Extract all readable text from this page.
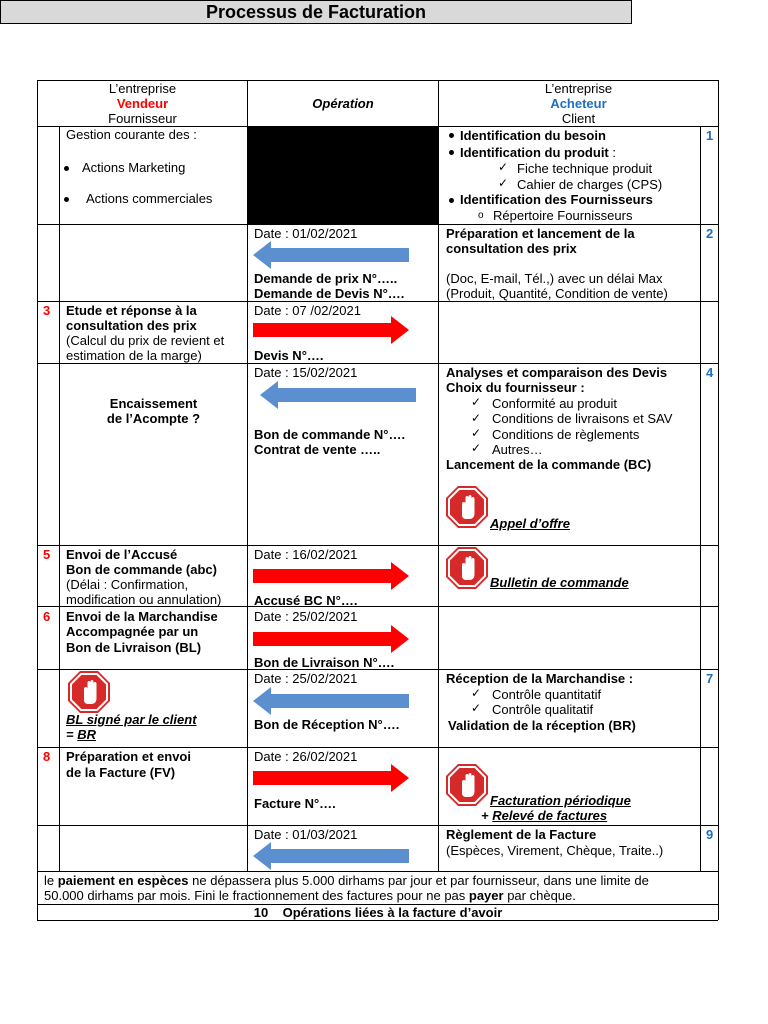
Processus de Facturation
L’entreprise
Vendeur
Fournisseur
Opération
L’entreprise
Acheteur
Client
Gestion courante des :
Actions Marketing
Actions commerciales
Identification du besoin
Identification du produit :
✓ Fiche technique produit
✓ Cahier de charges (CPS)
Identification des Fournisseurs
o Répertoire Fournisseurs
1
Date : 01/02/2021
Demande de prix N°…..
Demande de Devis N°….
Préparation et lancement de la
consultation des prix
(Doc, E-mail, Tél.,) avec un délai Max
(Produit, Quantité, Condition de vente)
2
3 Etude et réponse à la
consultation des prix
(Calcul du prix de revient et
estimation de la marge)
Date : 07 /02/2021
Devis N°….
Encaissement
de l’Acompte ?
Date : 15/02/2021
Bon de commande N°….
Contrat de vente …..
Analyses et comparaison des Devis
Choix du fournisseur :
✓ Conformité au produit
✓ Conditions de livraisons et SAV
✓ Conditions de règlements
✓ Autres…
Lancement de la commande (BC)
Appel d’offre
4
5 Envoi de l’Accusé
Bon de commande (abc)
(Délai : Confirmation,
modification ou annulation)
Date : 16/02/2021
Accusé BC N°….
Bulletin de commande
6 Envoi de la Marchandise
Accompagnée par un
Bon de Livraison (BL)
Date : 25/02/2021
Bon de Livraison N°….
BL signé par le client
= BR
Date : 25/02/2021
Bon de Réception N°….
Réception de la Marchandise :
✓ Contrôle quantitatif
✓ Contrôle qualitatif
Validation de la réception (BR)
7
8 Préparation et envoi
de la Facture (FV)
Date : 26/02/2021
Facture N°….	Facturation périodique
+ Relevé de factures
Date : 01/03/2021	Règlement de la Facture
(Espèces, Virement, Chèque, Traite..)
9
le paiement en espèces ne dépassera plus 5.000 dirhams par jour et par fournisseur, dans une limite de
50.000 dirhams par mois. Fini le fractionnement des factures pour ne pas payer par chèque.
10    Opérations liées à la facture d’avoir
